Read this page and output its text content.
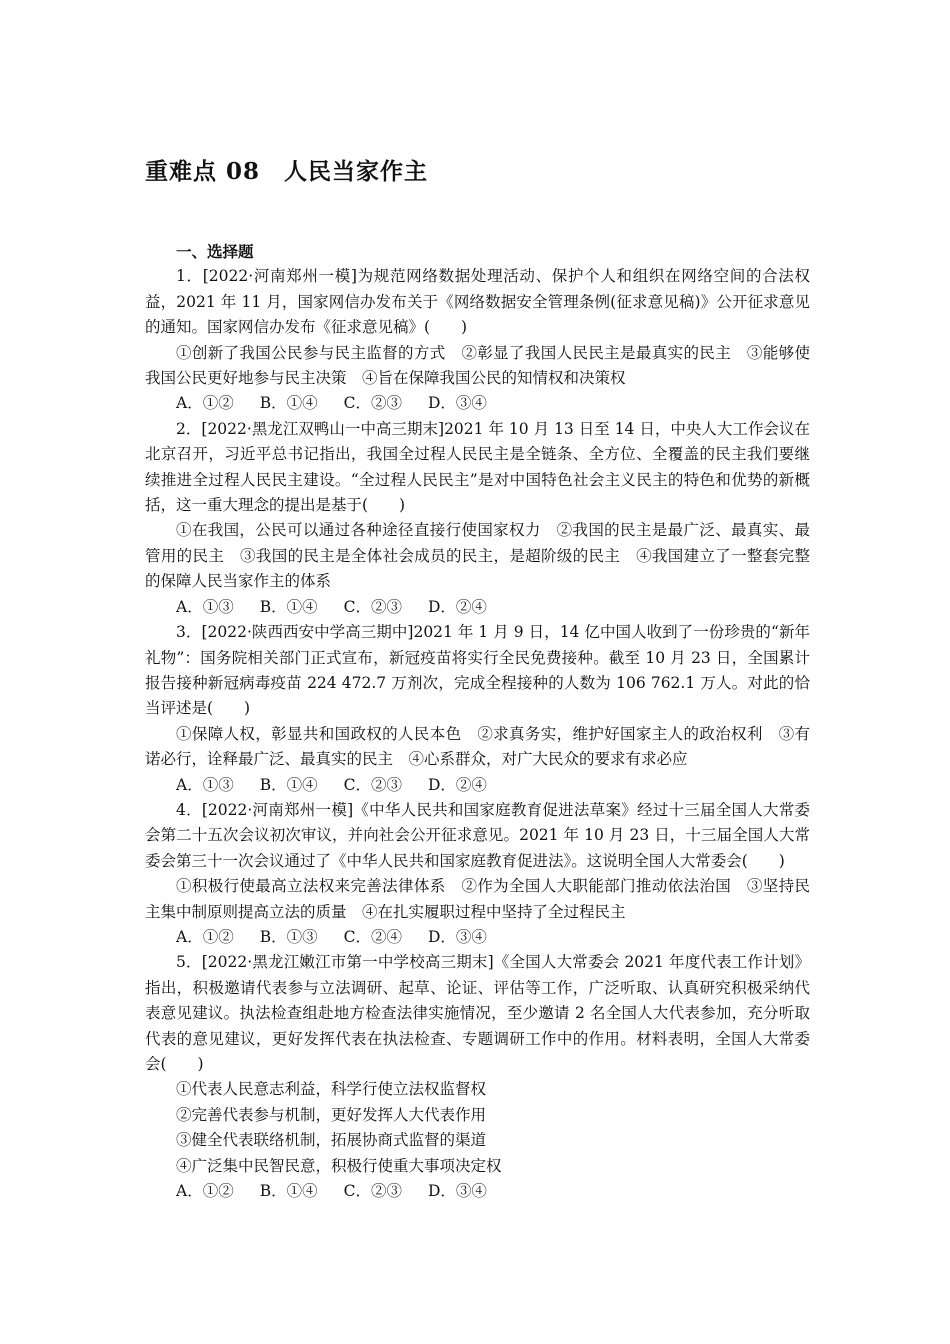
重难点 08　人民当家作主

一、选择题

1．[2022·河南郑州一模]为规范网络数据处理活动、保护个人和组织在网络空间的合法权益，2021 年 11 月，国家网信办发布关于《网络数据安全管理条例(征求意见稿)》公开征求意见的通知。国家网信办发布《征求意见稿》(　　)

①创新了我国公民参与民主监督的方式　②彰显了我国人民民主是最真实的民主　③能够使我国公民更好地参与民主决策　④旨在保障我国公民的知情权和决策权

A．①② B．①④ C．②③ D．③④

2．[2022·黑龙江双鸭山一中高三期末]2021 年 10 月 13 日至 14 日，中央人大工作会议在北京召开，习近平总书记指出，我国全过程人民民主是全链条、全方位、全覆盖的民主我们要继续推进全过程人民民主建设。“全过程人民民主”是对中国特色社会主义民主的特色和优势的新概括，这一重大理念的提出是基于(　　)

①在我国，公民可以通过各种途径直接行使国家权力　②我国的民主是最广泛、最真实、最管用的民主　③我国的民主是全体社会成员的民主，是超阶级的民主　④我国建立了一整套完整的保障人民当家作主的体系

A．①③ B．①④ C．②③ D．②④

3．[2022·陕西西安中学高三期中]2021 年 1 月 9 日，14 亿中国人收到了一份珍贵的“新年礼物”：国务院相关部门正式宣布，新冠疫苗将实行全民免费接种。截至 10 月 23 日，全国累计报告接种新冠病毒疫苗 224 472.7 万剂次，完成全程接种的人数为 106 762.1 万人。对此的恰当评述是(　　)

①保障人权，彰显共和国政权的人民本色　②求真务实，维护好国家主人的政治权利　③有诺必行，诠释最广泛、最真实的民主　④心系群众，对广大民众的要求有求必应

A．①③ B．①④ C．②③ D．②④

4．[2022·河南郑州一模]《中华人民共和国家庭教育促进法草案》经过十三届全国人大常委会第二十五次会议初次审议，并向社会公开征求意见。2021 年 10 月 23 日，十三届全国人大常委会第三十一次会议通过了《中华人民共和国家庭教育促进法》。这说明全国人大常委会(　　)

①积极行使最高立法权来完善法律体系　②作为全国人大职能部门推动依法治国　③坚持民主集中制原则提高立法的质量　④在扎实履职过程中坚持了全过程民主

A．①② B．①③ C．②④ D．③④

5．[2022·黑龙江嫩江市第一中学校高三期末]《全国人大常委会 2021 年度代表工作计划》指出，积极邀请代表参与立法调研、起草、论证、评估等工作，广泛听取、认真研究积极采纳代表意见建议。执法检查组赴地方检查法律实施情况，至少邀请 2 名全国人大代表参加，充分听取代表的意见建议，更好发挥代表在执法检查、专题调研工作中的作用。材料表明，全国人大常委会(　　)

①代表人民意志利益，科学行使立法权监督权

②完善代表参与机制，更好发挥人大代表作用

③健全代表联络机制，拓展协商式监督的渠道

④广泛集中民智民意，积极行使重大事项决定权

A．①② B．①④ C．②③ D．③④
